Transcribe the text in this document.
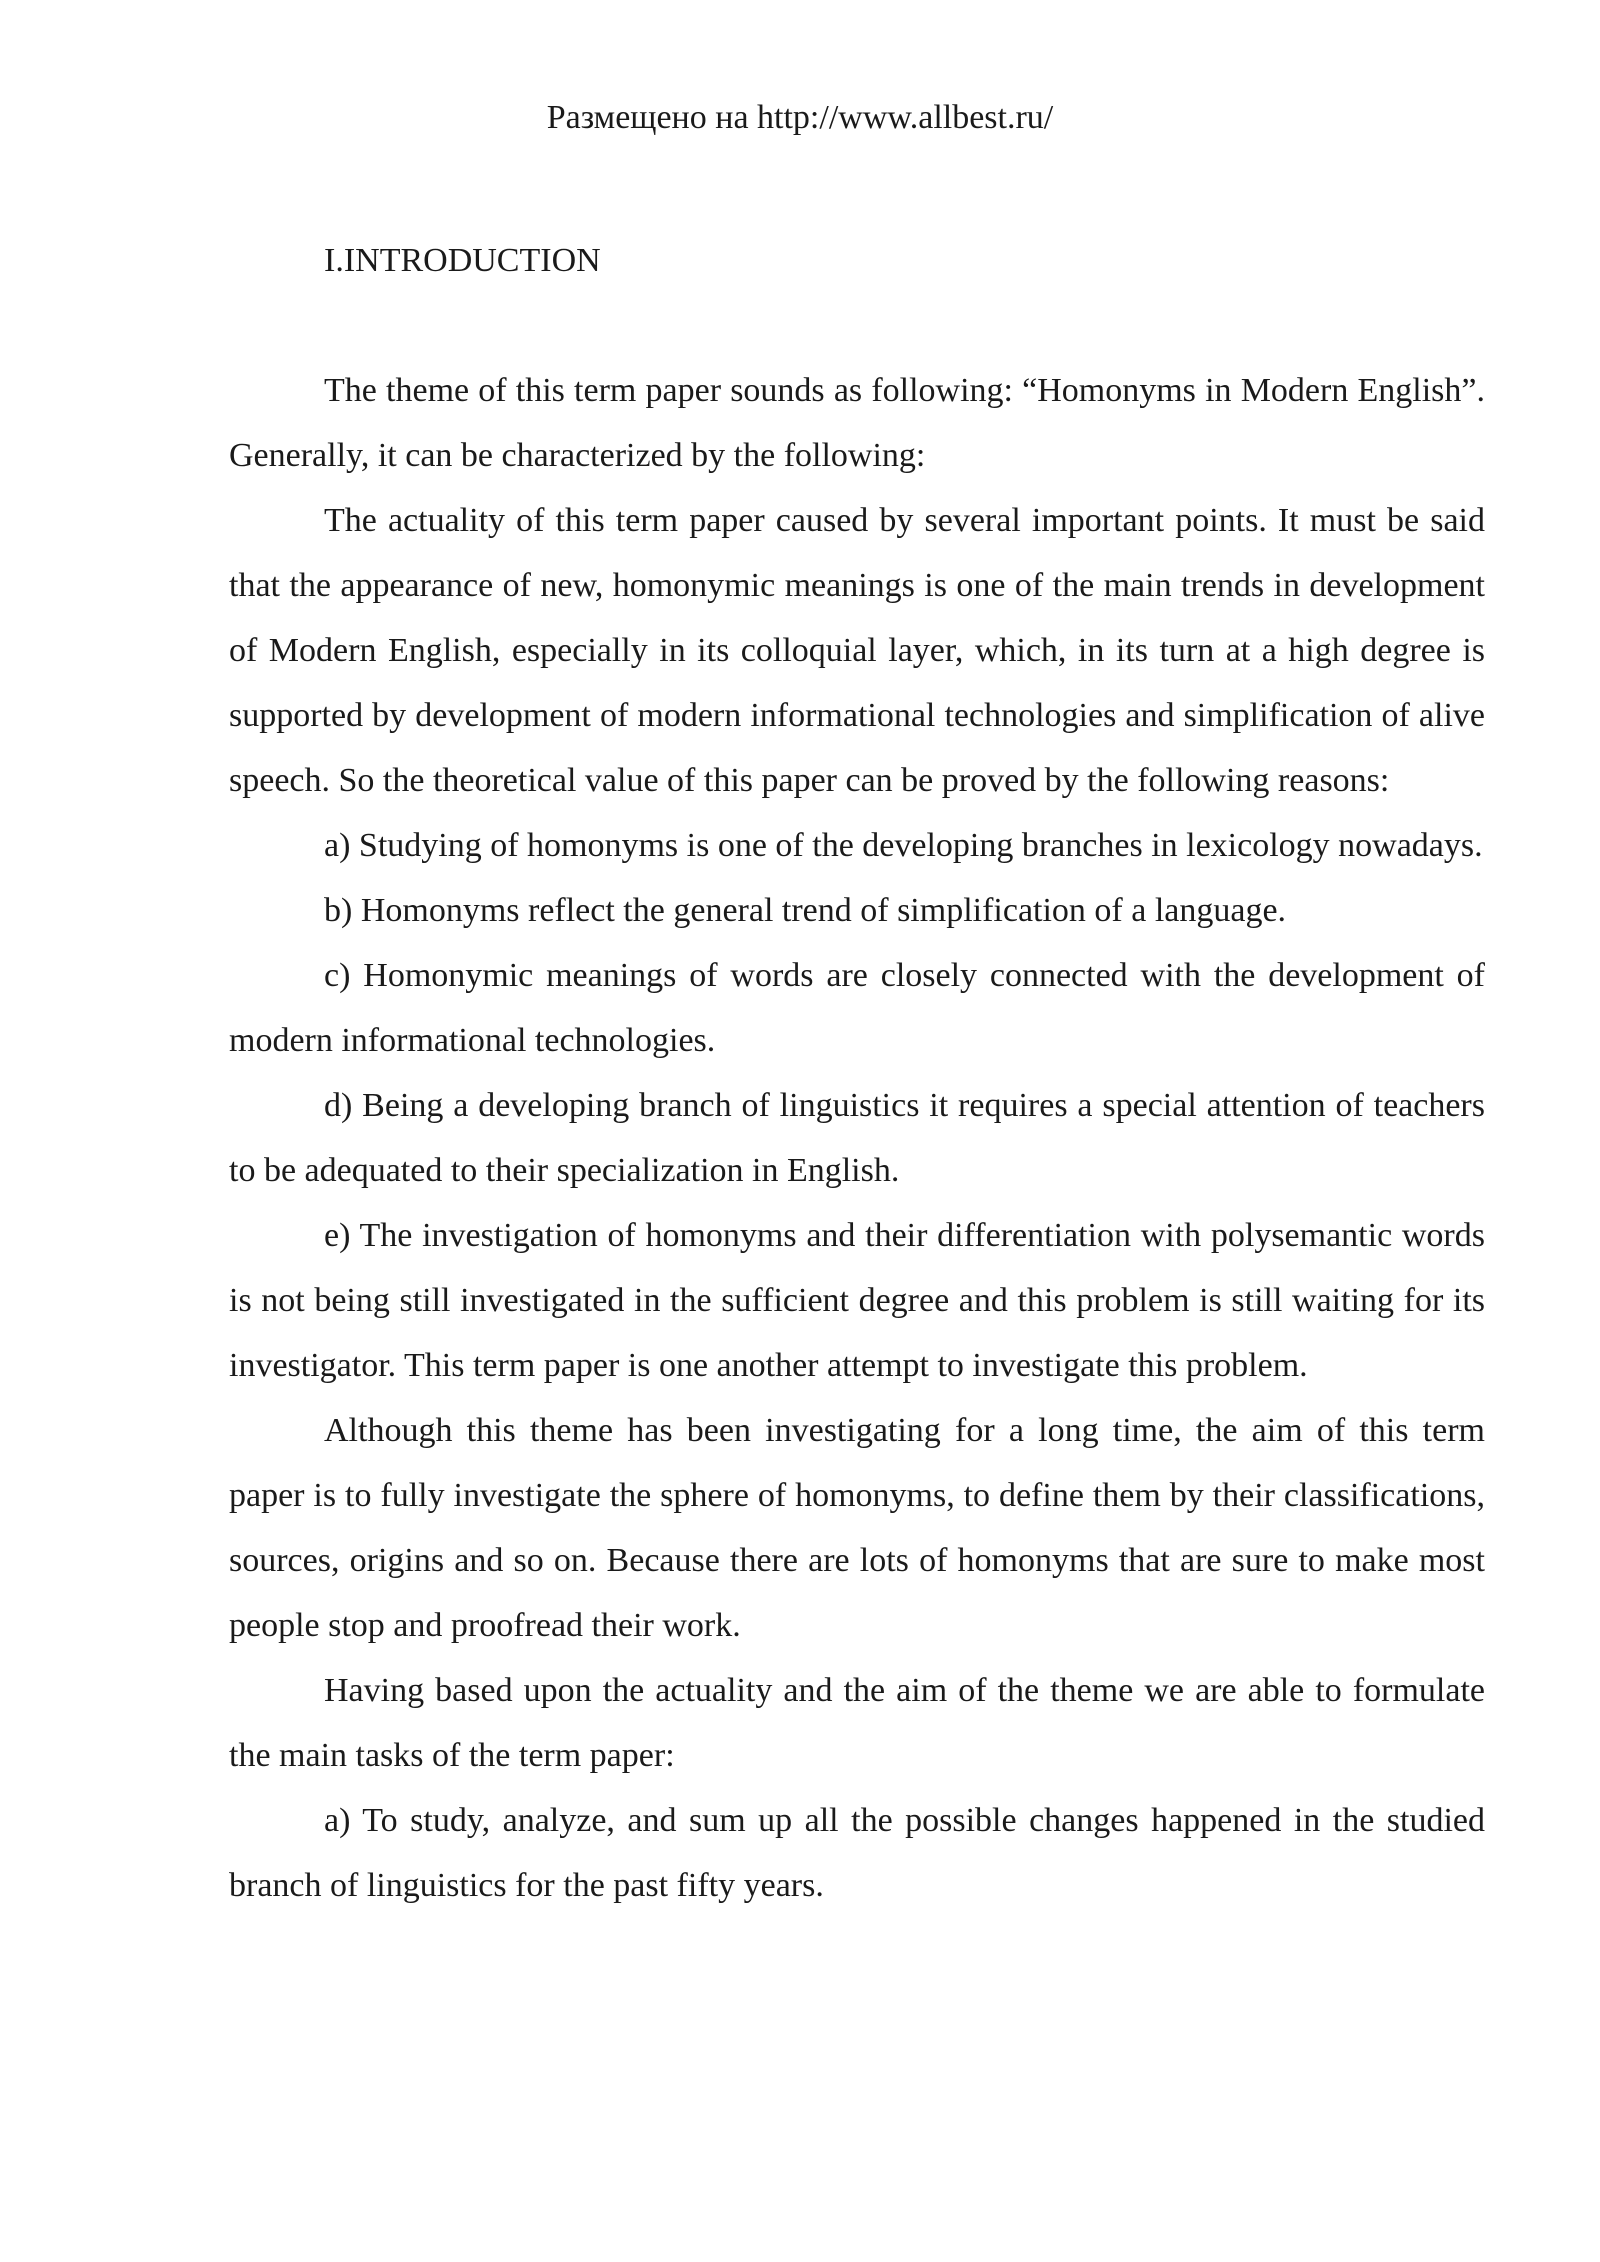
Размещено на http://www.allbest.ru/

I.INTRODUCTION

The theme of this term paper sounds as following: “Homonyms in Modern English”. Generally, it can be characterized by the following:

The actuality of this term paper caused by several important points. It must be said that the appearance of new, homonymic meanings is one of the main trends in development of Modern English, especially in its colloquial layer, which, in its turn at a high degree is supported by development of modern informational technologies and simplification of alive speech. So the theoretical value of this paper can be proved by the following reasons:

a) Studying of homonyms is one of the developing branches in lexicology nowadays.

b) Homonyms reflect the general trend of simplification of a language.

c) Homonymic meanings of words are closely connected with the development of modern informational technologies.

d) Being a developing branch of linguistics it requires a special attention of teachers to be adequated to their specialization in English.

e) The investigation of homonyms and their differentiation with polysemantic words is not being still investigated in the sufficient degree and this problem is still waiting for its investigator. This term paper is one another attempt to investigate this problem.

Although this theme has been investigating for a long time, the aim of this term paper is to fully investigate the sphere of homonyms, to define them by their classifications, sources, origins and so on. Because there are lots of homonyms that are sure to make most people stop and proofread their work.

Having based upon the actuality and the aim of the theme we are able to formulate the main tasks of the term paper:

a) To study, analyze, and sum up all the possible changes happened in the studied branch of linguistics for the past fifty years.
